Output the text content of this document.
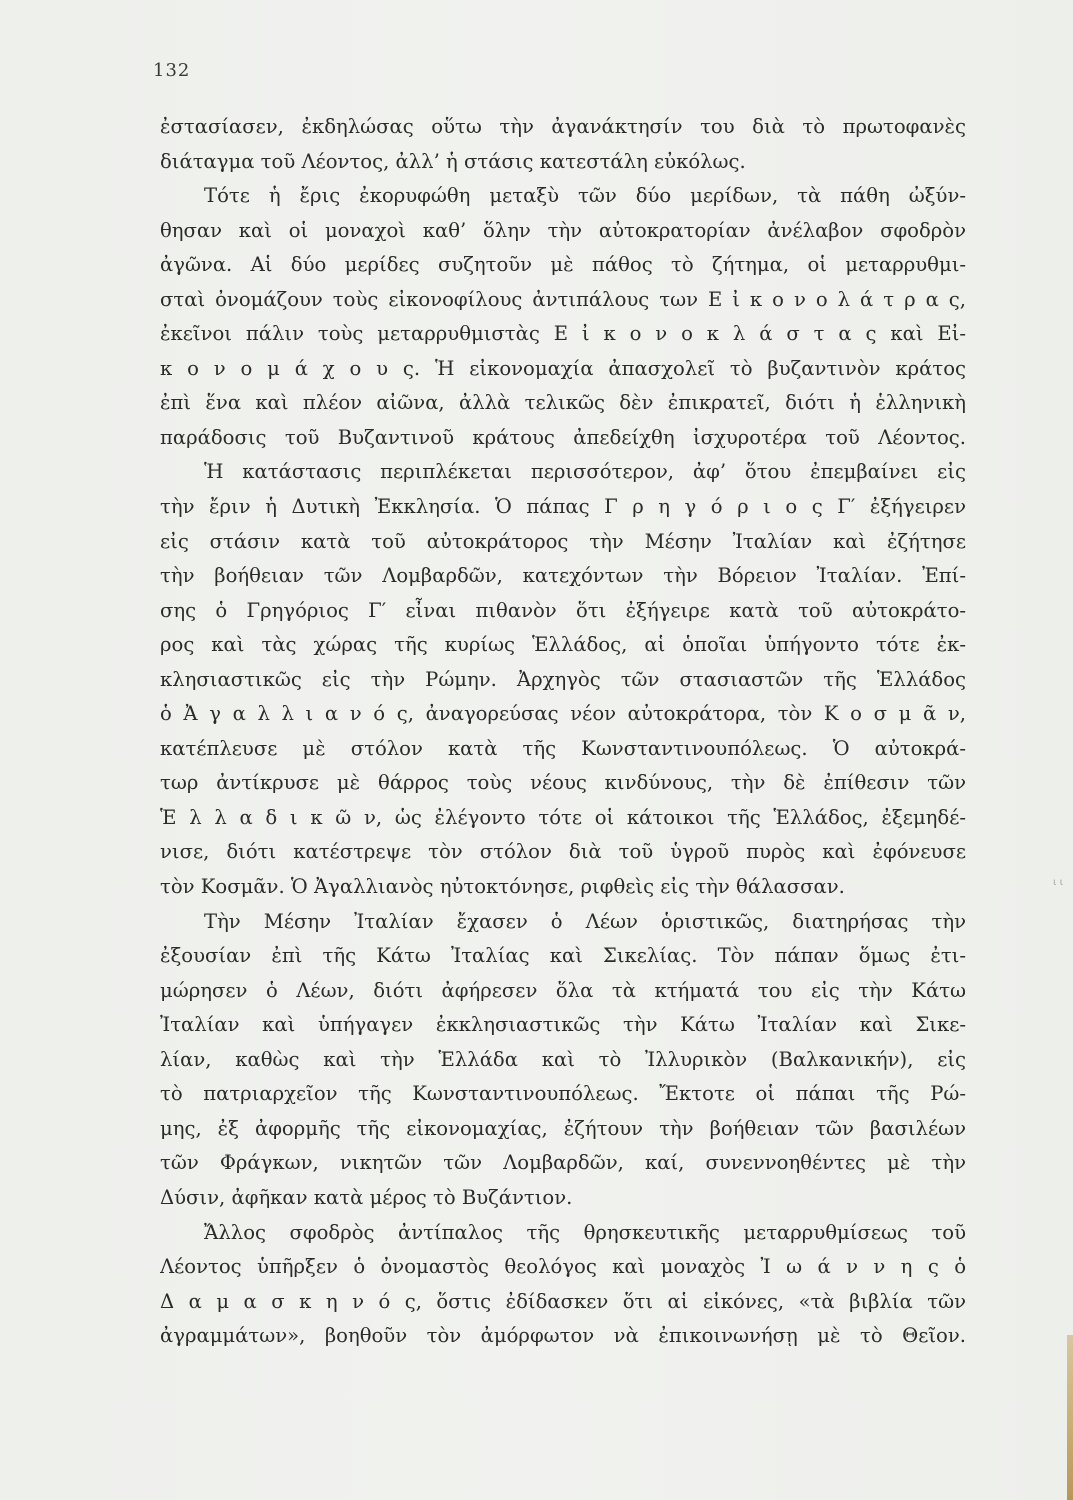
132
ἐστασίασεν, ἐκδηλώσας οὕτω τὴν ἀγανάκτησίν του διὰ τὸ πρωτοφανὲς
διάταγμα τοῦ Λέοντος, ἀλλ’ ἡ στάσις κατεστάλη εὐκόλως.
Τότε ἡ ἔρις ἐκορυφώθη μεταξὺ τῶν δύο μερίδων, τὰ πάθη ὠξύν-
θησαν καὶ οἱ μοναχοὶ καθ’ ὅλην τὴν αὐτοκρατορίαν ἀνέλαβον σφοδρὸν
ἀγῶνα. Αἱ δύο μερίδες συζητοῦν μὲ πάθος τὸ ζήτημα, οἱ μεταρρυθμι-
σταὶ ὀνομάζουν τοὺς εἰκονοφίλους ἀντιπάλους των Ε ἰ κ ο ν ο λ ά τ ρ α ς,
ἐκεῖνοι πάλιν τοὺς μεταρρυθμιστὰς Ε ἰ κ ο ν ο κ λ ά σ τ α ς καὶ Εἰ-
κ ο ν ο μ ά χ ο υ ς. Ἡ εἰκονομαχία ἀπασχολεῖ τὸ βυζαντινὸν κράτος
ἐπὶ ἕνα καὶ πλέον αἰῶνα, ἀλλὰ τελικῶς δὲν ἐπικρατεῖ, διότι ἡ ἑλληνικὴ
παράδοσις τοῦ Βυζαντινοῦ κράτους ἀπεδείχθη ἰσχυροτέρα τοῦ Λέοντος.
Ἡ κατάστασις περιπλέκεται περισσότερον, ἀφ’ ὅτου ἐπεμβαίνει εἰς
τὴν ἔριν ἡ Δυτικὴ Ἐκκλησία. Ὁ πάπας Γ ρ η γ ό ρ ι ο ς Γ′ ἐξήγειρεν
εἰς στάσιν κατὰ τοῦ αὐτοκράτορος τὴν Μέσην Ἰταλίαν καὶ ἐζήτησε
τὴν βοήθειαν τῶν Λομβαρδῶν, κατεχόντων τὴν Βόρειον Ἰταλίαν. Ἐπί-
σης ὁ Γρηγόριος Γ′ εἶναι πιθανὸν ὅτι ἐξήγειρε κατὰ τοῦ αὐτοκράτο-
ρος καὶ τὰς χώρας τῆς κυρίως Ἑλλάδος, αἱ ὁποῖαι ὑπήγοντο τότε ἐκ-
κλησιαστικῶς εἰς τὴν Ρώμην. Ἀρχηγὸς τῶν στασιαστῶν τῆς Ἑλλάδος
ὁ Ἀ γ α λ λ ι α ν ό ς, ἀναγορεύσας νέον αὐτοκράτορα, τὸν Κ ο σ μ ᾶ ν,
κατέπλευσε μὲ στόλον κατὰ τῆς Κωνσταντινουπόλεως. Ὁ αὐτοκρά-
τωρ ἀντίκρυσε μὲ θάρρος τοὺς νέους κινδύνους, τὴν δὲ ἐπίθεσιν τῶν
Ἑ λ λ α δ ι κ ῶ ν, ὡς ἐλέγοντο τότε οἱ κάτοικοι τῆς Ἑλλάδος, ἐξεμηδέ-
νισε, διότι κατέστρεψε τὸν στόλον διὰ τοῦ ὑγροῦ πυρὸς καὶ ἐφόνευσε
τὸν Κοσμᾶν. Ὁ Ἀγαλλιανὸς ηὐτοκτόνησε, ριφθεὶς εἰς τὴν θάλασσαν.
Τὴν Μέσην Ἰταλίαν ἔχασεν ὁ Λέων ὁριστικῶς, διατηρήσας τὴν
ἐξουσίαν ἐπὶ τῆς Κάτω Ἰταλίας καὶ Σικελίας. Τὸν πάπαν ὅμως ἐτι-
μώρησεν ὁ Λέων, διότι ἀφήρεσεν ὅλα τὰ κτήματά του εἰς τὴν Κάτω
Ἰταλίαν καὶ ὑπήγαγεν ἐκκλησιαστικῶς τὴν Κάτω Ἰταλίαν καὶ Σικε-
λίαν, καθὼς καὶ τὴν Ἑλλάδα καὶ τὸ Ἰλλυρικὸν (Βαλκανικήν), εἰς
τὸ πατριαρχεῖον τῆς Κωνσταντινουπόλεως. Ἔκτοτε οἱ πάπαι τῆς Ρώ-
μης, ἐξ ἀφορμῆς τῆς εἰκονομαχίας, ἐζήτουν τὴν βοήθειαν τῶν βασιλέων
τῶν Φράγκων, νικητῶν τῶν Λομβαρδῶν, καί, συνεννοηθέντες μὲ τὴν
Δύσιν, ἀφῆκαν κατὰ μέρος τὸ Βυζάντιον.
Ἄλλος σφοδρὸς ἀντίπαλος τῆς θρησκευτικῆς μεταρρυθμίσεως τοῦ
Λέοντος ὑπῆρξεν ὁ ὀνομαστὸς θεολόγος καὶ μοναχὸς Ἰ ω ά ν ν η ς ὁ
Δ α μ α σ κ η ν ό ς, ὅστις ἐδίδασκεν ὅτι αἱ εἰκόνες, «τὰ βιβλία τῶν
ἀγραμμάτων», βοηθοῦν τὸν ἀμόρφωτον νὰ ἐπικοινωνήσῃ μὲ τὸ Θεῖον.
ι ι
